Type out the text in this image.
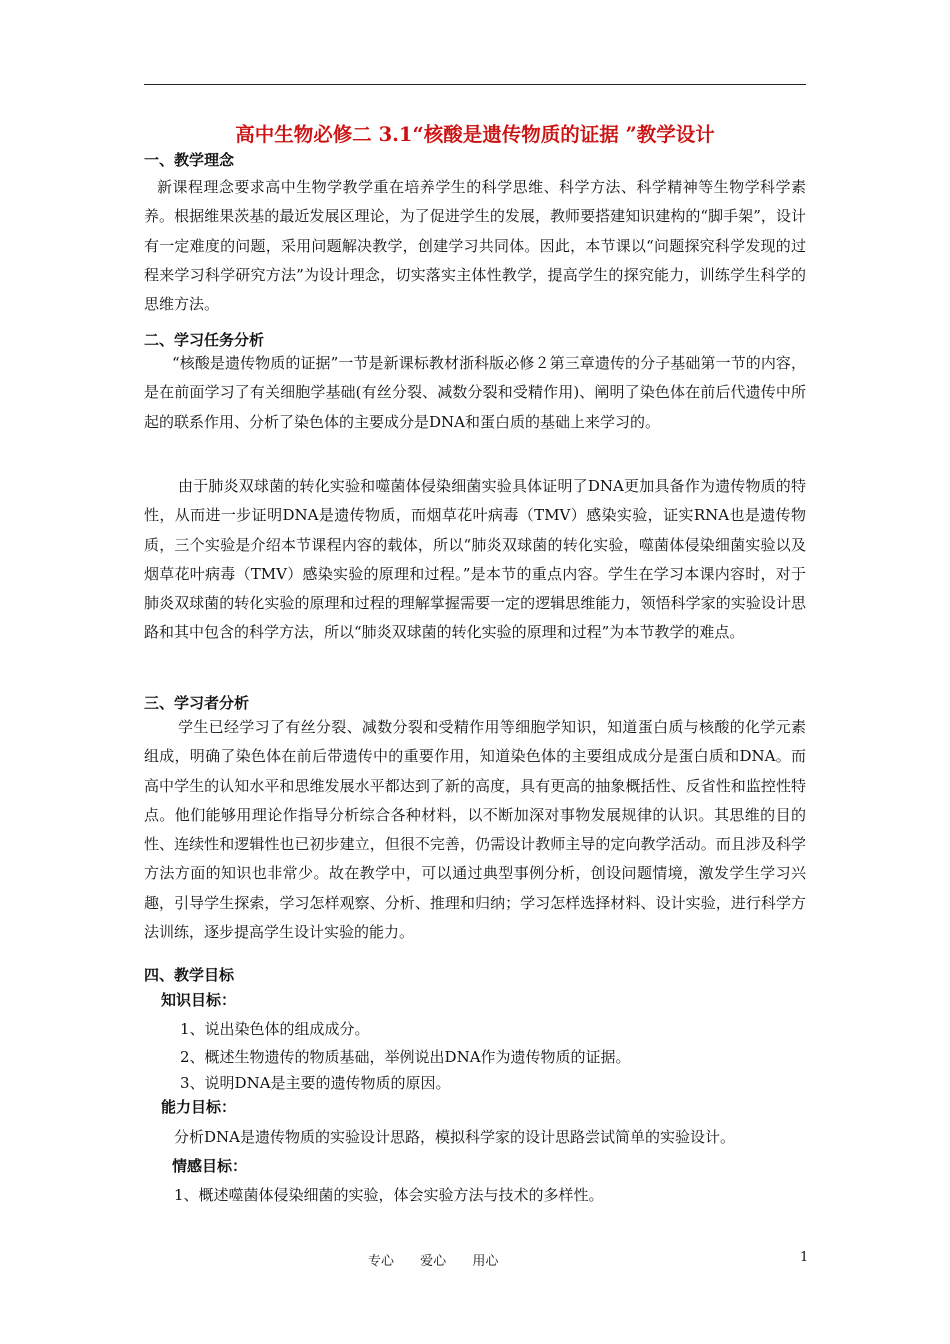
高中生物必修二 3.1“核酸是遗传物质的证据 ”教学设计
一、教学理念
新课程理念要求高中生物学教学重在培养学生的科学思维、科学方法、科学精神等生物学科学素养。根据维果茨基的最近发展区理论，为了促进学生的发展，教师要搭建知识建构的“脚手架”，设计有一定难度的问题，采用问题解决教学，创建学习共同体。因此，本节课以“问题探究科学发现的过程来学习科学研究方法”为设计理念，切实落实主体性教学，提高学生的探究能力，训练学生科学的思维方法。
二、学习任务分析
“核酸是遗传物质的证据”一节是新课标教材浙科版必修２第三章遗传的分子基础第一节的内容，是在前面学习了有关细胞学基础(有丝分裂、减数分裂和受精作用)、阐明了染色体在前后代遗传中所起的联系作用、分析了染色体的主要成分是DNA和蛋白质的基础上来学习的。
由于肺炎双球菌的转化实验和噬菌体侵染细菌实验具体证明了DNA更加具备作为遗传物质的特性，从而进一步证明DNA是遗传物质，而烟草花叶病毒（TMV）感染实验，证实RNA也是遗传物质，三个实验是介绍本节课程内容的载体，所以“肺炎双球菌的转化实验，噬菌体侵染细菌实验以及烟草花叶病毒（TMV）感染实验的原理和过程。”是本节的重点内容。学生在学习本课内容时，对于肺炎双球菌的转化实验的原理和过程的理解掌握需要一定的逻辑思维能力，领悟科学家的实验设计思路和其中包含的科学方法，所以“肺炎双球菌的转化实验的原理和过程”为本节教学的难点。
三、学习者分析
学生已经学习了有丝分裂、减数分裂和受精作用等细胞学知识，知道蛋白质与核酸的化学元素组成，明确了染色体在前后带遗传中的重要作用，知道染色体的主要组成成分是蛋白质和DNA。而高中学生的认知水平和思维发展水平都达到了新的高度，具有更高的抽象概括性、反省性和监控性特点。他们能够用理论作指导分析综合各种材料，以不断加深对事物发展规律的认识。其思维的目的性、连续性和逻辑性也已初步建立，但很不完善，仍需设计教师主导的定向教学活动。而且涉及科学方法方面的知识也非常少。故在教学中，可以通过典型事例分析，创设问题情境，激发学生学习兴趣，引导学生探索，学习怎样观察、分析、推理和归纳；学习怎样选择材料、设计实验，进行科学方法训练，逐步提高学生设计实验的能力。
四、教学目标
知识目标：
1、说出染色体的组成成分。
2、概述生物遗传的物质基础，举例说出DNA作为遗传物质的证据。
3、说明DNA是主要的遗传物质的原因。
能力目标：
分析DNA是遗传物质的实验设计思路，模拟科学家的设计思路尝试简单的实验设计。
情感目标：
1、概述噬菌体侵染细菌的实验，体会实验方法与技术的多样性。
专心 爱心 用心	1
